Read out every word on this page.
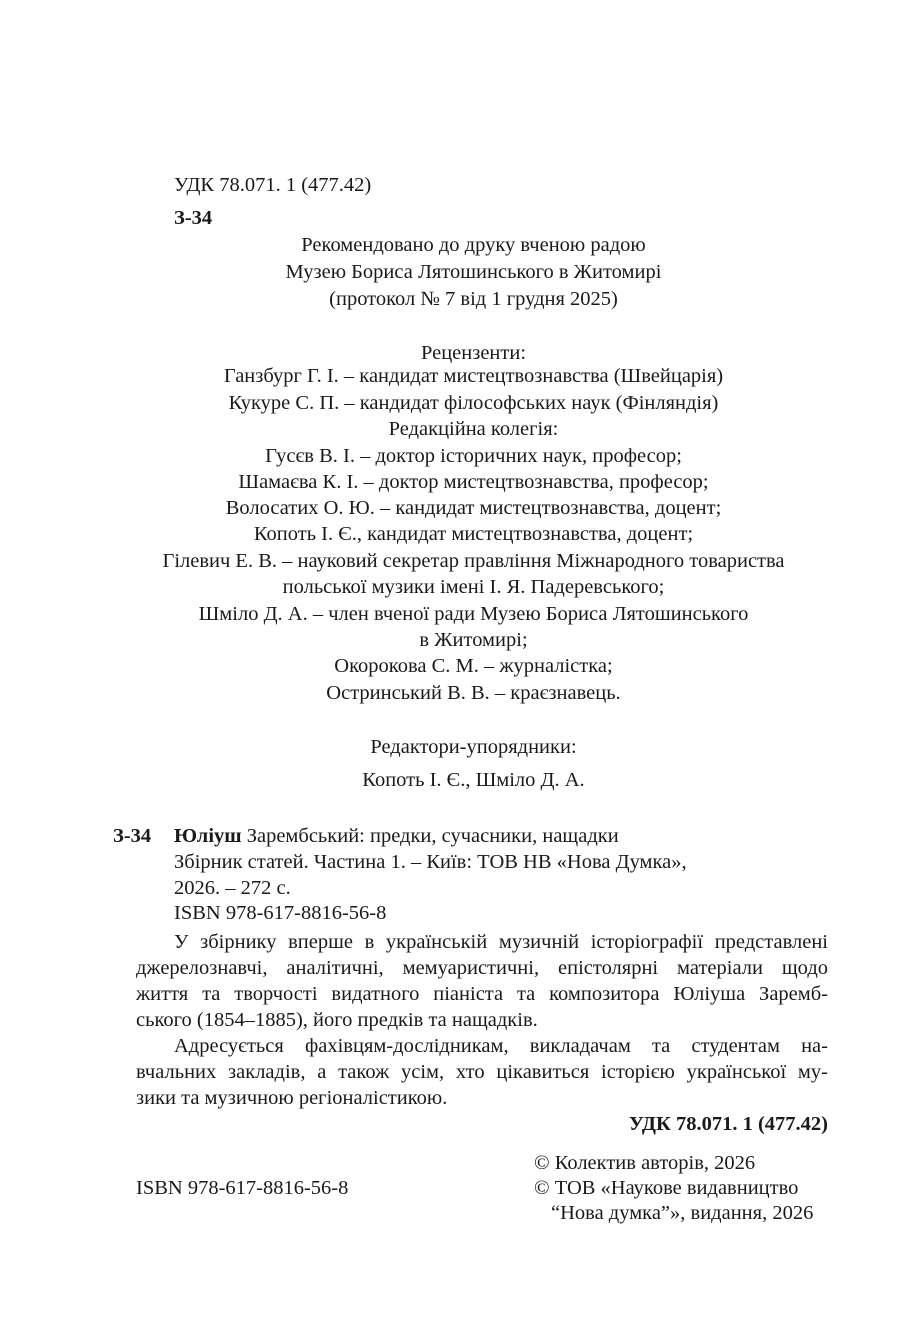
УДК 78.071. 1 (477.42)
З-34
Рекомендовано до друку вченою радою
Музею Бориса Лятошинського в Житомирі
(протокол № 7 від 1 грудня 2025)
Рецензенти:
Ганзбург Г. І. – кандидат мистецтвознавства (Швейцарія)
Кукуре С. П. – кандидат філософських наук (Фінляндія)
Редакційна колегія:
Гусєв В. І. – доктор історичних наук, професор;
Шамаєва К. І. – доктор мистецтвознавства, професор;
Волосатих О. Ю. – кандидат мистецтвознавства, доцент;
Копоть І. Є., кандидат мистецтвознавства, доцент;
Гілевич Е. В. – науковий секретар правління Міжнародного товариства
польської музики імені І. Я. Падеревського;
Шміло Д. А. – член вченої ради Музею Бориса Лятошинського
в Житомирі;
Окорокова С. М. – журналістка;
Остринський В. В. – краєзнавець.
Редактори-упорядники:
Копоть І. Є., Шміло Д. А.
З-34 Юліуш Зарембський: предки, сучасники, нащадки
Збірник статей. Частина 1. – Київ: ТОВ НВ «Нова Думка»,
2026. – 272 с.
ISBN 978-617-8816-56-8
У збірнику вперше в українській музичній історіографії представлені
джерелознавчі, аналітичні, мемуаристичні, епістолярні матеріали щодо
життя та творчості видатного піаніста та композитора Юліуша Заремб-
ського (1854–1885), його предків та нащадків.
Адресується фахівцям-дослідникам, викладачам та студентам на-
вчальних закладів, а також усім, хто цікавиться історією української му-
зики та музичною регіоналістикою.
УДК 78.071. 1 (477.42)
ISBN 978-617-8816-56-8
© Колектив авторів, 2026
© ТОВ «Наукове видавництво
“Нова думка”», видання, 2026
